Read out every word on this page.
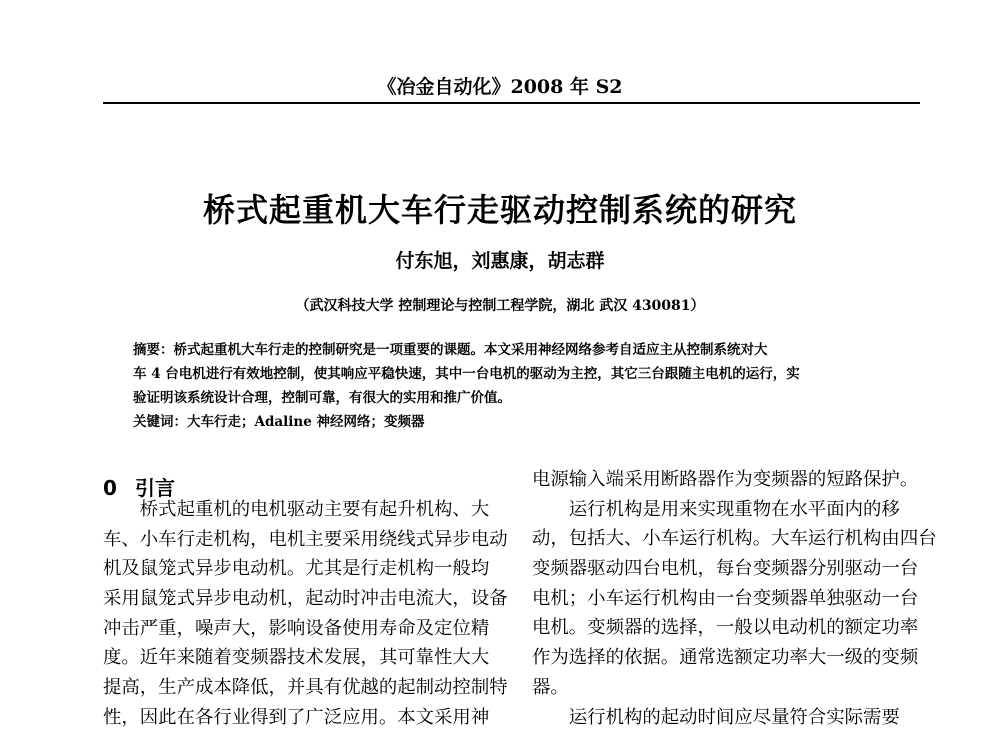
《冶金自动化》2008 年 S2
桥式起重机大车行走驱动控制系统的研究
付东旭，刘惠康，胡志群
（武汉科技大学 控制理论与控制工程学院，湖北 武汉 430081）
摘要：桥式起重机大车行走的控制研究是一项重要的课题。本文采用神经网络参考自适应主从控制系统对大
车 4 台电机进行有效地控制，使其响应平稳快速，其中一台电机的驱动为主控，其它三台跟随主电机的运行，实
验证明该系统设计合理，控制可靠，有很大的实用和推广价值。
关键词：大车行走；Adaline 神经网络；变频器
0 引言
　　桥式起重机的电机驱动主要有起升机构、大
车、小车行走机构，电机主要采用绕线式异步电动
机及鼠笼式异步电动机。尤其是行走机构一般均
采用鼠笼式异步电动机，起动时冲击电流大，设备
冲击严重，噪声大，影响设备使用寿命及定位精
度。近年来随着变频器技术发展，其可靠性大大
提高，生产成本降低，并具有优越的起制动控制特
性，因此在各行业得到了广泛应用。本文采用神
电源输入端采用断路器作为变频器的短路保护。
　　运行机构是用来实现重物在水平面内的移
动，包括大、小车运行机构。大车运行机构由四台
变频器驱动四台电机，每台变频器分别驱动一台
电机；小车运行机构由一台变频器单独驱动一台
电机。变频器的选择，一般以电动机的额定功率
作为选择的依据。通常选额定功率大一级的变频
器。
　　运行机构的起动时间应尽量符合实际需要
